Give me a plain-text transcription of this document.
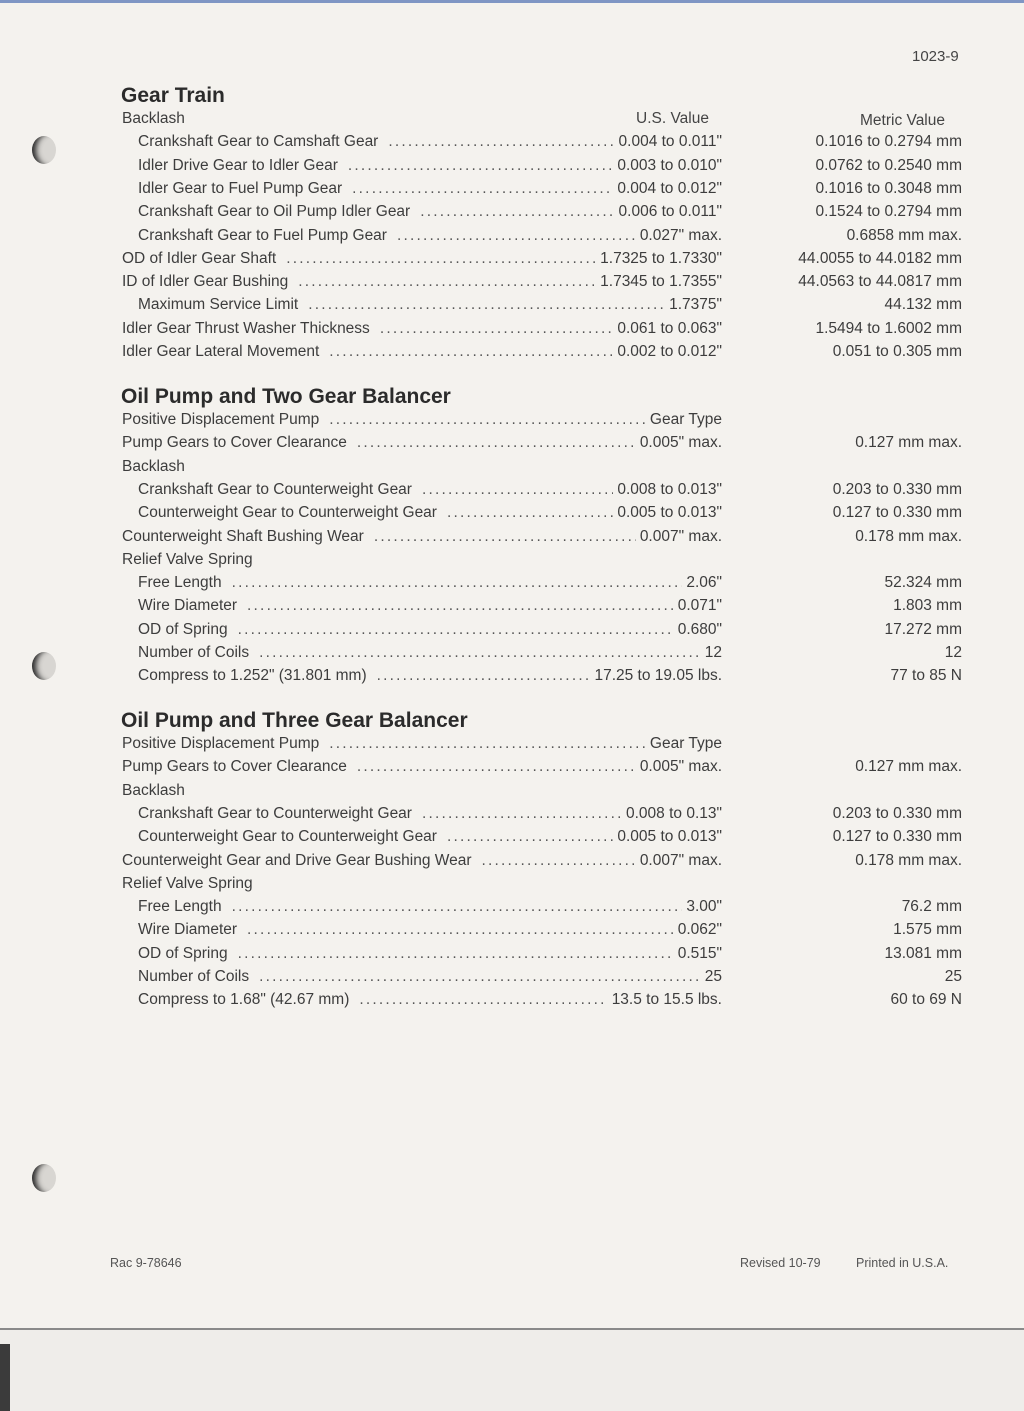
1023-9
U.S. Value	Metric Value
Gear Train
Backlash
Crankshaft Gear to Camshaft Gear .....	0.004 to 0.011"	0.1016 to 0.2794 mm
Idler Drive Gear to Idler Gear .....	0.003 to 0.010"	0.0762 to 0.2540 mm
Idler Gear to Fuel Pump Gear .....	0.004 to 0.012"	0.1016 to 0.3048 mm
Crankshaft Gear to Oil Pump Idler Gear .....	0.006 to 0.011"	0.1524 to 0.2794 mm
Crankshaft Gear to Fuel Pump Gear .....	0.027" max.	0.6858 mm max.
OD of Idler Gear Shaft .....	1.7325 to 1.7330"	44.0055 to 44.0182 mm
ID of Idler Gear Bushing .....	1.7345 to 1.7355"	44.0563 to 44.0817 mm
Maximum Service Limit .....	1.7375"	44.132 mm
Idler Gear Thrust Washer Thickness .....	0.061 to 0.063"	1.5494 to 1.6002 mm
Idler Gear Lateral Movement .....	0.002 to 0.012"	0.051 to 0.305 mm
Oil Pump and Two Gear Balancer
Positive Displacement Pump .....	Gear Type
Pump Gears to Cover Clearance .....	0.005" max.	0.127 mm max.
Backlash
Crankshaft Gear to Counterweight Gear .....	0.008 to 0.013"	0.203 to 0.330 mm
Counterweight Gear to Counterweight Gear .....	0.005 to 0.013"	0.127 to 0.330 mm
Counterweight Shaft Bushing Wear .....	0.007" max.	0.178 mm max.
Relief Valve Spring
Free Length .....	2.06"	52.324 mm
Wire Diameter .....	0.071"	1.803 mm
OD of Spring .....	0.680"	17.272 mm
Number of Coils .....	12	12
Compress to 1.252" (31.801 mm) .....	17.25 to 19.05 lbs.	77 to 85 N
Oil Pump and Three Gear Balancer
Positive Displacement Pump .....	Gear Type
Pump Gears to Cover Clearance .....	0.005" max.	0.127 mm max.
Backlash
Crankshaft Gear to Counterweight Gear .....	0.008 to 0.13"	0.203 to 0.330 mm
Counterweight Gear to Counterweight Gear .....	0.005 to 0.013"	0.127 to 0.330 mm
Counterweight Gear and Drive Gear Bushing Wear .....	0.007" max.	0.178 mm max.
Relief Valve Spring
Free Length .....	3.00"	76.2 mm
Wire Diameter .....	0.062"	1.575 mm
OD of Spring .....	0.515"	13.081 mm
Number of Coils .....	25	25
Compress to 1.68" (42.67 mm) .....	13.5 to 15.5 lbs.	60 to 69 N
Rac 9-78646	Revised 10-79	Printed in U.S.A.
